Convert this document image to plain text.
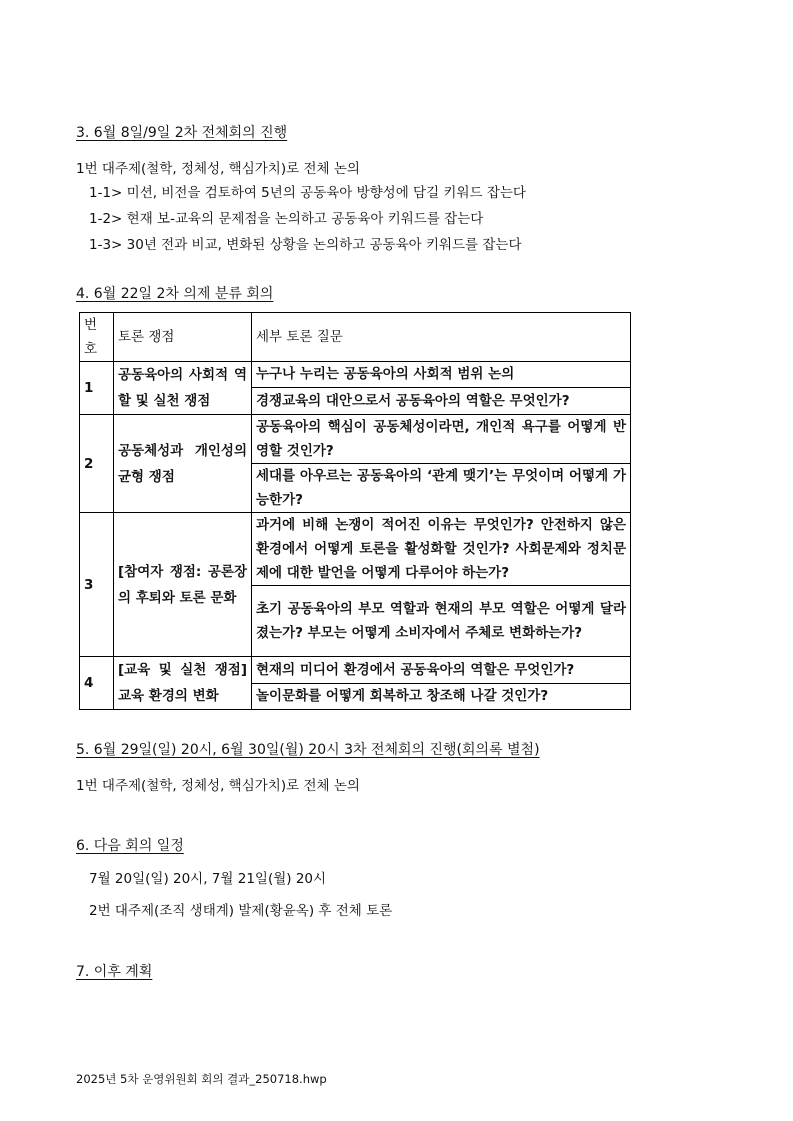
3. 6월 8일/9일 2차 전체회의 진행
1번 대주제(철학, 정체성, 핵심가치)로 전체 논의
1-1> 미션, 비전을 검토하여 5년의 공동육아 방향성에 담길 키워드 잡는다
1-2> 현재 보-교육의 문제점을 논의하고 공동육아 키워드를 잡는다
1-3> 30년 전과 비교, 변화된 상황을 논의하고 공동육아 키워드를 잡는다
4. 6월 22일 2차 의제 분류 회의
번호	토론 쟁점	세부 토론 질문
1	공동육아의 사회적 역할 및 실천 쟁점	누구나 누리는 공동육아의 사회적 범위 논의
		경쟁교육의 대안으로서 공동육아의 역할은 무엇인가?
2	공동체성과 개인성의 균형 쟁점	공동육아의 핵심이 공동체성이라면, 개인적 욕구를 어떻게 반영할 것인가?
		세대를 아우르는 공동육아의 ‘관계 맺기’는 무엇이며 어떻게 가능한가?
3	[참여자 쟁점: 공론장의 후퇴와 토론 문화	과거에 비해 논쟁이 적어진 이유는 무엇인가? 안전하지 않은 환경에서 어떻게 토론을 활성화할 것인가? 사회문제와 정치문제에 대한 발언을 어떻게 다루어야 하는가?
		초기 공동육아의 부모 역할과 현재의 부모 역할은 어떻게 달라졌는가? 부모는 어떻게 소비자에서 주체로 변화하는가?
4	[교육 및 실천 쟁점] 교육 환경의 변화	현재의 미디어 환경에서 공동육아의 역할은 무엇인가?
		놀이문화를 어떻게 회복하고 창조해 나갈 것인가?
5. 6월 29일(일) 20시, 6월 30일(월) 20시 3차 전체회의 진행(회의록 별첨)
1번 대주제(철학, 정체성, 핵심가치)로 전체 논의
6. 다음 회의 일정
7월 20일(일) 20시, 7월 21일(월) 20시
2번 대주제(조직 생태계) 발제(황윤옥) 후 전체 토론
7. 이후 계획
2025년 5차 운영위원회 회의 결과_250718.hwp
